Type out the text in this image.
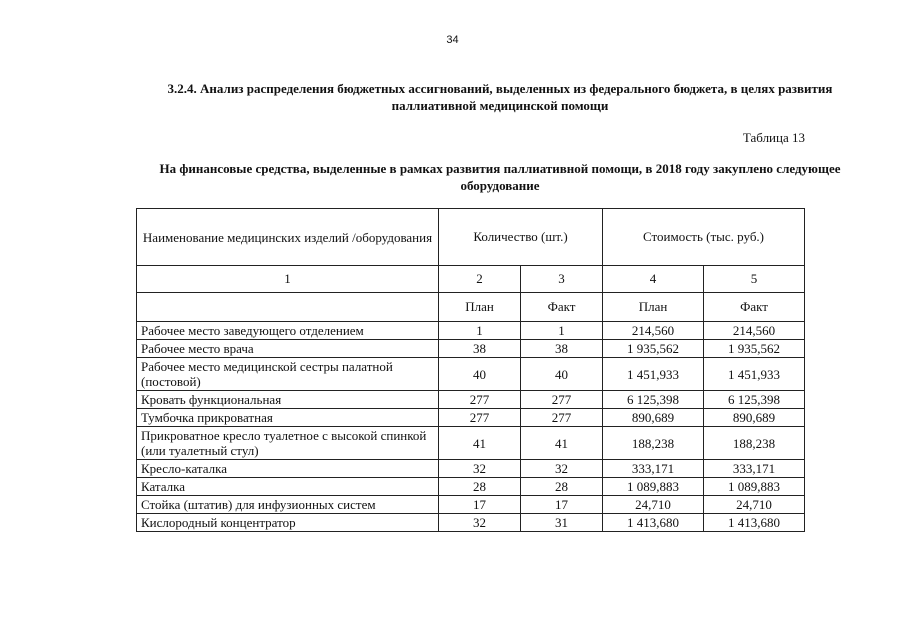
34
3.2.4. Анализ распределения бюджетных ассигнований, выделенных из федерального бюджета, в целях развития паллиативной медицинской помощи
Таблица 13
На финансовые средства, выделенные в рамках развития паллиативной помощи, в 2018 году закуплено следующее оборудование
Наименование медицинских изделий /оборудования	Количество (шт.)		Стоимость (тыс. руб.)	
1	2	3	4	5
	План	Факт	План	Факт
Рабочее место заведующего отделением	1	1	214,560	214,560
Рабочее место врача	38	38	1 935,562	1 935,562
Рабочее место медицинской сестры палатной (постовой)	40	40	1 451,933	1 451,933
Кровать функциональная	277	277	6 125,398	6 125,398
Тумбочка прикроватная	277	277	890,689	890,689
Прикроватное кресло туалетное с высокой спинкой (или туалетный стул)	41	41	188,238	188,238
Кресло-каталка	32	32	333,171	333,171
Каталка	28	28	1 089,883	1 089,883
Стойка (штатив) для инфузионных систем	17	17	24,710	24,710
Кислородный концентратор	32	31	1 413,680	1 413,680
